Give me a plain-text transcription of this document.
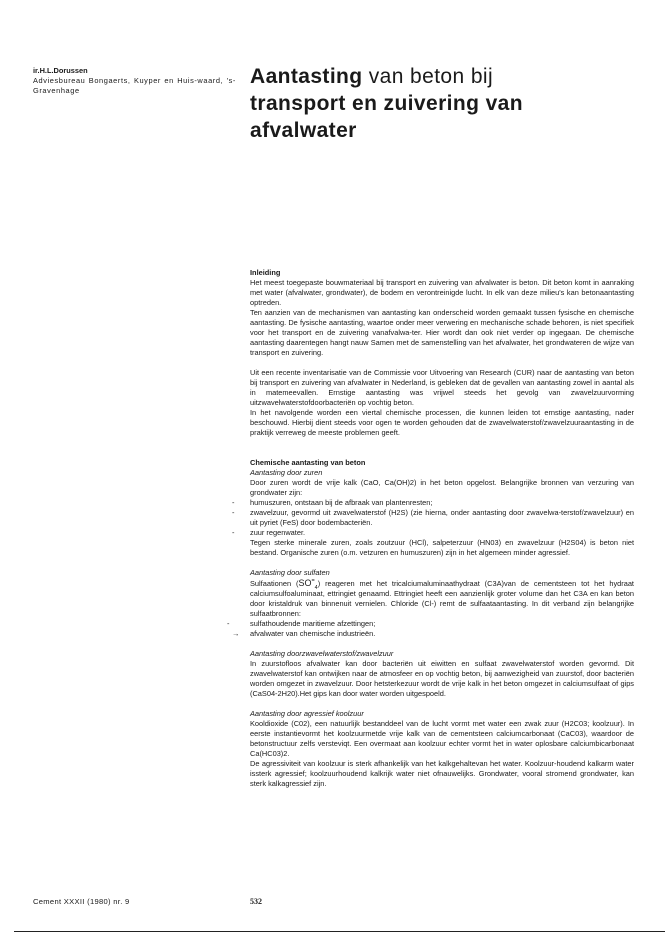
ir.H.L.Dorussen
Adviesbureau Bongaerts, Kuyper en Huis-waard, 's-Gravenhage
Aantasting van beton bij
transport en zuivering van
afvalwater
Inleiding

Het meest toegepaste bouwmateriaal bij transport en zuivering van afvalwater is beton. Dit beton komt in aanraking met water (afvalwater, grondwater), de bodem en verontreinigde lucht. In elk van deze milieu's kan betonaantasting optreden.

Ten aanzien van de mechanismen van aantasting kan onderscheid worden gemaakt tussen fysische en chemische aantasting. De fysische aantasting, waartoe onder meer verwering en mechanische schade behoren, is niet specifiek voor het transport en de zuivering vanafvalwa-ter. Hier wordt dan ook niet verder op ingegaan. De chemische aantasting daarentegen hangt nauw Samen met de samenstelling van het afvalwater, het grondwateren de wijze van transport en zuivering.

Uit een recente inventarisatie van de Commissie voor Uitvoering van Research (CUR) naar de aantasting van beton bij transport en zuivering van afvalwater in Nederland, is gebleken dat de gevallen van aantasting zowel in aantal als in matemeevallen. Ernstige aantasting was vrijwel steeds het gevolg van zwavelzuurvorming uitzwavelwaterstofdoorbacteriën op vochtig beton.

In het navolgende worden een viertal chemische processen, die kunnen leiden tot ernstige aantasting, nader beschouwd. Hierbij dient steeds voor ogen te worden gehouden dat de zwavelwaterstof/zwavelzuuraantasting in de praktijk verreweg de meeste problemen geeft.

Chemische aantasting van beton
Aantasting door zuren

Door zuren wordt de vrije kalk (CaO, Ca(OH)2) in het beton opgelost. Belangrijke bronnen van verzuring van grondwater zijn:

-	humuszuren, ontstaan bij de afbraak van plantenresten;
-	zwavelzuur, gevormd uit zwavelwaterstof (H2S) (zie hierna, onder aantasting door zwavelwa-terstof/zwavelzuur) en uit pyriet (FeS) door bodembacteriën.
-	zuur regenwater.

Tegen sterke minerale zuren, zoals zoutzuur (HCl), salpeterzuur (HN03) en zwavelzuur (H2S04) is beton niet bestand. Organische zuren (o.m. vetzuren en humuszuren) zijn in het algemeen minder agressief.

Aantasting door sulfaten

Sulfaationen $(SO^=_4)$ reageren met het tricalciumaluminaathydraat (C3A)van de cementsteen tot het hydraat calciumsulfoaluminaat, ettringiet genaamd. Ettringiet heeft een aanzienlijk groter volume dan het C3A en kan beton door kristaldruk van binnenuit vernielen. Chloride (Cl-) remt de sulfaataantasting. In dit verband zijn belangrijke sulfaatbronnen:

-	sulfathoudende maritieme afzettingen;
→	afvalwater van chemische industrieën.
Aantasting doorzwavelwaterstof/zwavelzuur

In zuurstofloos afvalwater kan door bacteriën uit eiwitten en sulfaat zwavelwaterstof worden gevormd. Dit zwavelwaterstof kan ontwijken naar de atmosfeer en op vochtig beton, bij aanwezigheid van zuurstof, door bacteriën worden omgezet in zwavelzuur. Door hetsterkezuur wordt de vrije kalk in het beton omgezet in calciumsulfaat of gips (CaS04-2H20).Het gips kan door water worden uitgespoeld.

Aantasting door agressief koolzuur

Kooldioxide (C02), een natuurlijk bestanddeel van de lucht vormt met water een zwak zuur (H2C03; koolzuur). In eerste instantievormt het koolzuurmetde vrije kalk van de cementsteen calciumcarbonaat (CaC03), waardoor de betonstructuur zelfs versteviqt. Een overmaat aan koolzuur echter vormt het in water oplosbare calciumbicarbonaat Ca(HC03)2.

De agressiviteit van koolzuur is sterk afhankelijk van het kalkgehaltevan het water. Koolzuur-houdend kalkarm water issterk agressief; koolzuurhoudend kalkrijk water niet ofnauwelijks. Grondwater, vooral stromend grondwater, kan sterk kalkagressief zijn.

Cement XXXII (1980) nr. 9	532
